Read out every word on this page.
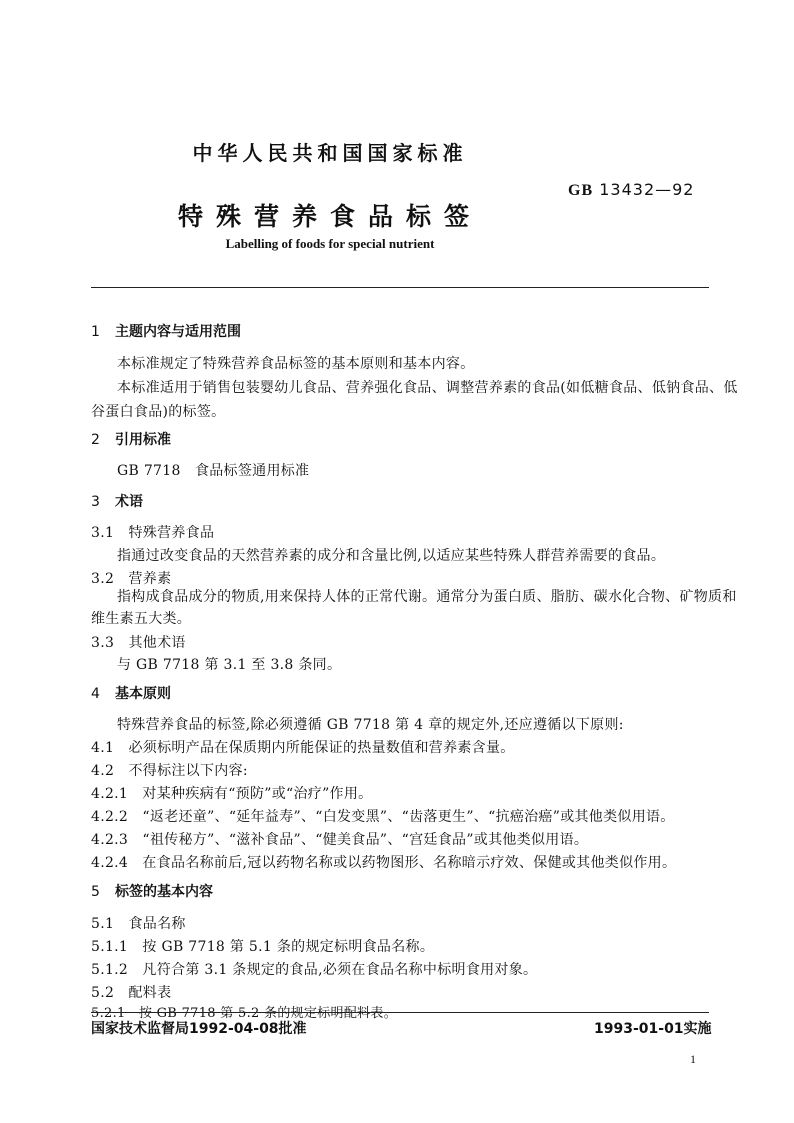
中华人民共和国国家标准
GB 13432—92
特殊营养食品标签
Labelling of foods for special nutrient
1 主题内容与适用范围
本标准规定了特殊营养食品标签的基本原则和基本内容。
本标准适用于销售包装婴幼儿食品、营养强化食品、调整营养素的食品(如低糖食品、低钠食品、低
谷蛋白食品)的标签。
2 引用标准
GB 7718　食品标签通用标准
3 术语
3.1　特殊营养食品
指通过改变食品的天然营养素的成分和含量比例,以适应某些特殊人群营养需要的食品。
3.2　营养素
指构成食品成分的物质,用来保持人体的正常代谢。通常分为蛋白质、脂肪、碳水化合物、矿物质和
维生素五大类。
3.3　其他术语
与 GB 7718 第 3.1 至 3.8 条同。
4 基本原则
特殊营养食品的标签,除必须遵循 GB 7718 第 4 章的规定外,还应遵循以下原则:
4.1　必须标明产品在保质期内所能保证的热量数值和营养素含量。
4.2　不得标注以下内容:
4.2.1　对某种疾病有“预防”或“治疗”作用。
4.2.2　“返老还童”、“延年益寿”、“白发变黑”、“齿落更生”、“抗癌治癌”或其他类似用语。
4.2.3　“祖传秘方”、“滋补食品”、“健美食品”、“宫廷食品”或其他类似用语。
4.2.4　在食品名称前后,冠以药物名称或以药物图形、名称暗示疗效、保健或其他类似作用。
5 标签的基本内容
5.1　食品名称
5.1.1　按 GB 7718 第 5.1 条的规定标明食品名称。
5.1.2　凡符合第 3.1 条规定的食品,必须在食品名称中标明食用对象。
5.2　配料表
5.2.1　按 GB 7718 第 5.2 条的规定标明配料表。
国家技术监督局1992-04-08批准	1993-01-01实施
1
